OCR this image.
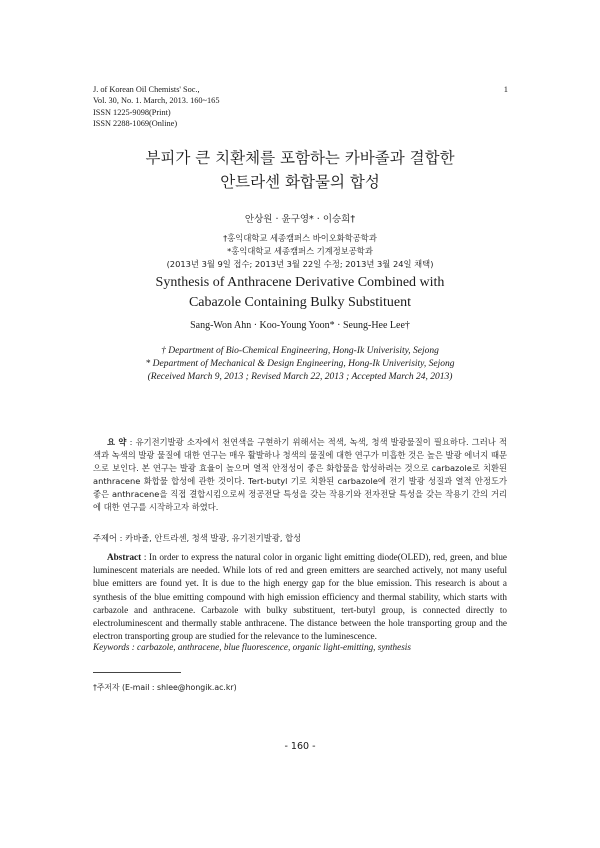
J. of Korean Oil Chemists' Soc.,
Vol. 30, No. 1. March, 2013. 160~165
ISSN 1225-9098(Print)
ISSN 2288-1069(Online)
1
부피가 큰 치환체를 포함하는 카바졸과 결합한
안트라센 화합물의 합성
안상원 · 윤구영* · 이승희†
†홍익대학교 세종캠퍼스 바이오화학공학과
*홍익대학교 세종캠퍼스 기계정보공학과
(2013년 3월 9일 접수; 2013년 3월 22일 수정; 2013년 3월 24일 채택)
Synthesis of Anthracene Derivative Combined with
Cabazole Containing Bulky Substituent
Sang-Won Ahn · Koo-Young Yoon* · Seung-Hee Lee†
† Department of Bio-Chemical Engineering, Hong-Ik Univerisity, Sejong
* Department of Mechanical & Design Engineering, Hong-Ik Univerisity, Sejong
(Received March 9, 2013 ; Revised March 22, 2013 ; Accepted March 24, 2013)
요 약 : 유기전기발광 소자에서 천연색을 구현하기 위해서는 적색, 녹색, 청색 발광물질이 필요하다. 그러나 적색과 녹색의 발광 물질에 대한 연구는 매우 활발하나 청색의 물질에 대한 연구가 미흡한 것은 높은 발광 에너지 때문으로 보인다. 본 연구는 발광 효율이 높으며 열적 안정성이 좋은 화합물을 합성하려는 것으로 carbazole로 치환된 anthracene 화합물 합성에 관한 것이다. Tert-butyl 기로 치환된 carbazole에 전기 발광 성질과 열적 안정도가 좋은 anthracene을 직접 결합시킴으로써 정공전달 특성을 갖는 작용기와 전자전달 특성을 갖는 작용기 간의 거리에 대한 연구를 시작하고자 하였다.
주제어 : 카바졸, 안트라센, 청색 발광, 유기전기발광, 합성
Abstract : In order to express the natural color in organic light emitting diode(OLED), red, green, and blue luminescent materials are needed. While lots of red and green emitters are searched actively, not many useful blue emitters are found yet. It is due to the high energy gap for the blue emission. This research is about a synthesis of the blue emitting compound with high emission efficiency and thermal stability, which starts with carbazole and anthracene. Carbazole with bulky substituent, tert-butyl group, is connected directly to electroluminescent and thermally stable anthracene. The distance between the hole transporting group and the electron transporting group are studied for the relevance to the luminescence.
Keywords : carbazole, anthracene, blue fluorescence, organic light-emitting, synthesis
†주저자 (E-mail : shlee@hongik.ac.kr)
- 160 -
